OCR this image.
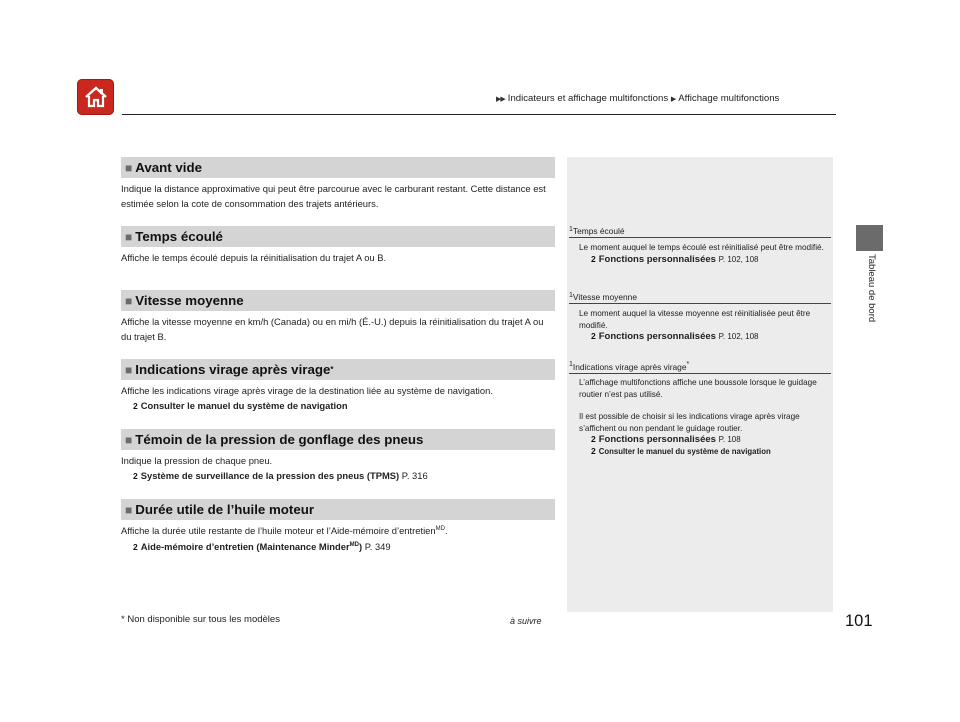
▶▶ Indicateurs et affichage multifonctions ▶ Affichage multifonctions
Tableau de bord
■ Avant vide
Indique la distance approximative qui peut être parcourue avec le carburant restant. Cette distance est estimée selon la cote de consommation des trajets antérieurs.
■ Temps écoulé
Affiche le temps écoulé depuis la réinitialisation du trajet A ou B.
■ Vitesse moyenne
Affiche la vitesse moyenne en km/h (Canada) ou en mi/h (É.-U.) depuis la réinitialisation du trajet A ou du trajet B.
■ Indications virage après virage *
Affiche les indications virage après virage de la destination liée au système de navigation.
2 Consulter le manuel du système de navigation
■ Témoin de la pression de gonflage des pneus
Indique la pression de chaque pneu.
2 Système de surveillance de la pression des pneus (TPMS) P. 316
■ Durée utile de l’huile moteur
Affiche la durée utile restante de l’huile moteur et l’Aide-mémoire d’entretien$^{MD}$.
2 Aide-mémoire d’entretien (Maintenance Minder$^{MD}$) P. 349
$^1$Temps écoulé
Le moment auquel le temps écoulé est réinitialisé peut être modifié.
2 Fonctions personnalisées P. 102, 108
$^1$Vitesse moyenne
Le moment auquel la vitesse moyenne est réinitialisée peut être modifié.
2 Fonctions personnalisées P. 102, 108
$^1$Indications virage après virage*
L’affichage multifonctions affiche une boussole lorsque le guidage routier n’est pas utilisé.
Il est possible de choisir si les indications virage après virage s’affichent ou non pendant le guidage routier.
2 Fonctions personnalisées P. 108
2 Consulter le manuel du système de navigation
* Non disponible sur tous les modèles	à suivre	101
